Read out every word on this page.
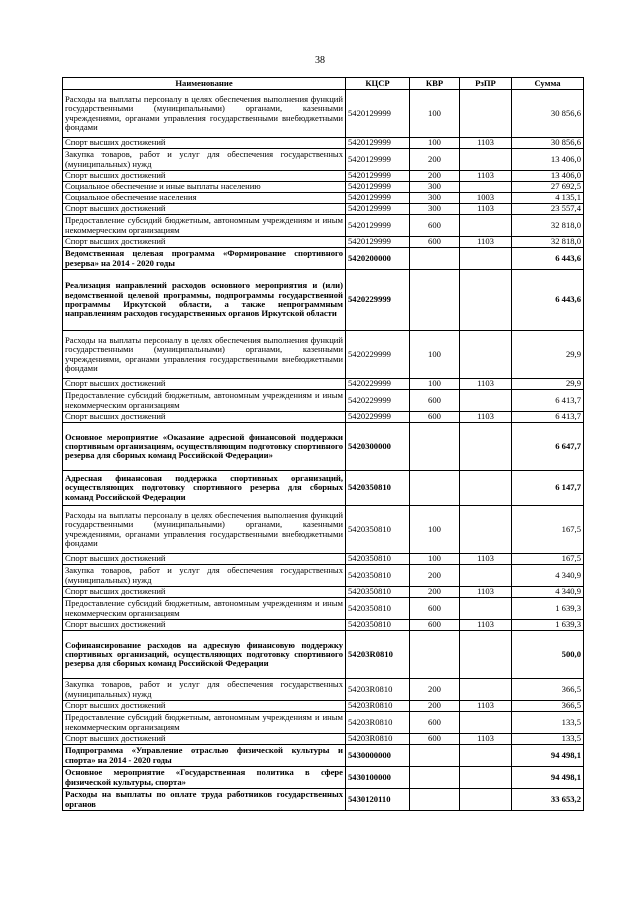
38
Наименование	КЦСР	КВР	РзПР	Сумма
Расходы на выплаты персоналу в целях обеспечения выполнения функций государственными (муниципальными) органами, казенными учреждениями, органами управления государственными внебюджетными фондами	5420129999	100		30 856,6
Спорт высших достижений	5420129999	100	1103	30 856,6
Закупка товаров, работ и услуг для обеспечения государственных (муниципальных) нужд	5420129999	200		13 406,0
Спорт высших достижений	5420129999	200	1103	13 406,0
Социальное обеспечение и иные выплаты населению	5420129999	300		27 692,5
Социальное обеспечение населения	5420129999	300	1003	4 135,1
Спорт высших достижений	5420129999	300	1103	23 557,4
Предоставление субсидий бюджетным, автономным учреждениям и иным некоммерческим организациям	5420129999	600		32 818,0
Спорт высших достижений	5420129999	600	1103	32 818,0
Ведомственная целевая программа «Формирование спортивного резерва» на 2014 - 2020 годы	5420200000			6 443,6
Реализация направлений расходов основного мероприятия и (или) ведомственной целевой программы, подпрограммы государственной программы Иркутской области, а также непрограммным направлениям расходов государственных органов Иркутской области	5420229999			6 443,6
Расходы на выплаты персоналу в целях обеспечения выполнения функций государственными (муниципальными) органами, казенными учреждениями, органами управления государственными внебюджетными фондами	5420229999	100		29,9
Спорт высших достижений	5420229999	100	1103	29,9
Предоставление субсидий бюджетным, автономным учреждениям и иным некоммерческим организациям	5420229999	600		6 413,7
Спорт высших достижений	5420229999	600	1103	6 413,7
Основное мероприятие «Оказание адресной финансовой поддержки спортивным организациям, осуществляющим подготовку спортивного резерва для сборных команд Российской Федерации»	5420300000			6 647,7
Адресная финансовая поддержка спортивных организаций, осуществляющих подготовку спортивного резерва для сборных команд Российской Федерации	5420350810			6 147,7
Расходы на выплаты персоналу в целях обеспечения выполнения функций государственными (муниципальными) органами, казенными учреждениями, органами управления государственными внебюджетными фондами	5420350810	100		167,5
Спорт высших достижений	5420350810	100	1103	167,5
Закупка товаров, работ и услуг для обеспечения государственных (муниципальных) нужд	5420350810	200		4 340,9
Спорт высших достижений	5420350810	200	1103	4 340,9
Предоставление субсидий бюджетным, автономным учреждениям и иным некоммерческим организациям	5420350810	600		1 639,3
Спорт высших достижений	5420350810	600	1103	1 639,3
Софинансирование расходов на адресную финансовую поддержку спортивных организаций, осуществляющих подготовку спортивного резерва для сборных команд Российской Федерации	54203R0810			500,0
Закупка товаров, работ и услуг для обеспечения государственных (муниципальных) нужд	54203R0810	200		366,5
Спорт высших достижений	54203R0810	200	1103	366,5
Предоставление субсидий бюджетным, автономным учреждениям и иным некоммерческим организациям	54203R0810	600		133,5
Спорт высших достижений	54203R0810	600	1103	133,5
Подпрограмма «Управление отраслью физической культуры и спорта» на 2014 - 2020 годы	5430000000			94 498,1
Основное мероприятие «Государственная политика в сфере физической культуры, спорта»	5430100000			94 498,1
Расходы на выплаты по оплате труда работников государственных органов	5430120110			33 653,2
